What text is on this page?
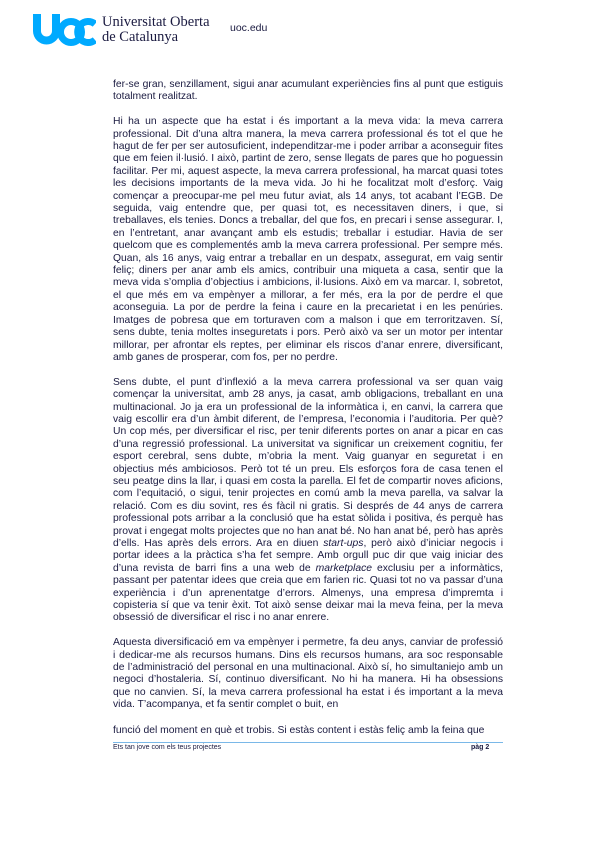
Universitat Oberta
de Catalunya
uoc.edu

fer-se gran, senzillament, sigui anar acumulant experiències fins al punt que estiguis totalment realitzat.

Hi ha un aspecte que ha estat i és important a la meva vida: la meva carrera professional. Dit d’una altra manera, la meva carrera professional és tot el que he hagut de fer per ser autosuficient, independitzar-me i poder arribar a aconseguir fites que em feien il·lusió. I això, partint de zero, sense llegats de pares que ho poguessin facilitar. Per mi, aquest aspecte, la meva carrera professional, ha marcat quasi totes les decisions importants de la meva vida. Jo hi he focalitzat molt d’esforç. Vaig començar a preocupar-me pel meu futur aviat, als 14 anys, tot acabant l’EGB. De seguida, vaig entendre que, per quasi tot, es necessitaven diners, i que, si treballaves, els tenies. Doncs a treballar, del que fos, en precari i sense assegurar. I, en l’entretant, anar avançant amb els estudis; treballar i estudiar. Havia de ser quelcom que es complementés amb la meva carrera professional. Per sempre més. Quan, als 16 anys, vaig entrar a treballar en un despatx, assegurat, em vaig sentir feliç; diners per anar amb els amics, contribuir una miqueta a casa, sentir que la meva vida s’omplia d’objectius i ambicions, il·lusions. Això em va marcar. I, sobretot, el que més em va empènyer a millorar, a fer més, era la por de perdre el que aconseguia. La por de perdre la feina i caure en la precarietat i en les penúries. Imatges de pobresa que em torturaven com a malson i que em terroritzaven. Sí, sens dubte, tenia moltes inseguretats i pors. Però això va ser un motor per intentar millorar, per afrontar els reptes, per eliminar els riscos d’anar enrere, diversificant, amb ganes de prosperar, com fos, per no perdre.

Sens dubte, el punt d’inflexió a la meva carrera professional va ser quan vaig començar la universitat, amb 28 anys, ja casat, amb obligacions, treballant en una multinacional. Jo ja era un professional de la informàtica i, en canvi, la carrera que vaig escollir era d’un àmbit diferent, de l’empresa, l’economia i l’auditoria. Per què? Un cop més, per diversificar el risc, per tenir diferents portes on anar a picar en cas d’una regressió professional. La universitat va significar un creixement cognitiu, fer esport cerebral, sens dubte, m’obria la ment. Vaig guanyar en seguretat i en objectius més ambiciosos. Però tot té un preu. Els esforços fora de casa tenen el seu peatge dins la llar, i quasi em costa la parella. El fet de compartir noves aficions, com l’equitació, o sigui, tenir projectes en comú amb la meva parella, va salvar la relació. Com es diu sovint, res és fàcil ni gratis. Si després de 44 anys de carrera professional pots arribar a la conclusió que ha estat sòlida i positiva, és perquè has provat i engegat molts projectes que no han anat bé. No han anat bé, però has après d’ells. Has après dels errors. Ara en diuen start-ups, però això d’iniciar negocis i portar idees a la pràctica s’ha fet sempre. Amb orgull puc dir que vaig iniciar des d’una revista de barri fins a una web de marketplace exclusiu per a informàtics, passant per patentar idees que creia que em farien ric. Quasi tot no va passar d’una experiència i d’un aprenentatge d’errors. Almenys, una empresa d’impremta i copisteria sí que va tenir èxit. Tot això sense deixar mai la meva feina, per la meva obsessió de diversificar el risc i no anar enrere.

Aquesta diversificació em va empènyer i permetre, fa deu anys, canviar de professió i dedicar-me als recursos humans. Dins els recursos humans, ara soc responsable de l’administració del personal en una multinacional. Això sí, ho simultaniejo amb un negoci d’hostaleria. Sí, continuo diversificant. No hi ha manera. Hi ha obsessions que no canvien. Sí, la meva carrera professional ha estat i és important a la meva vida. T’acompanya, et fa sentir complet o buit, en

funció del moment en què et trobis. Si estàs content i estàs feliç amb la feina que

Ets tan jove com els teus projectes	pàg 2
